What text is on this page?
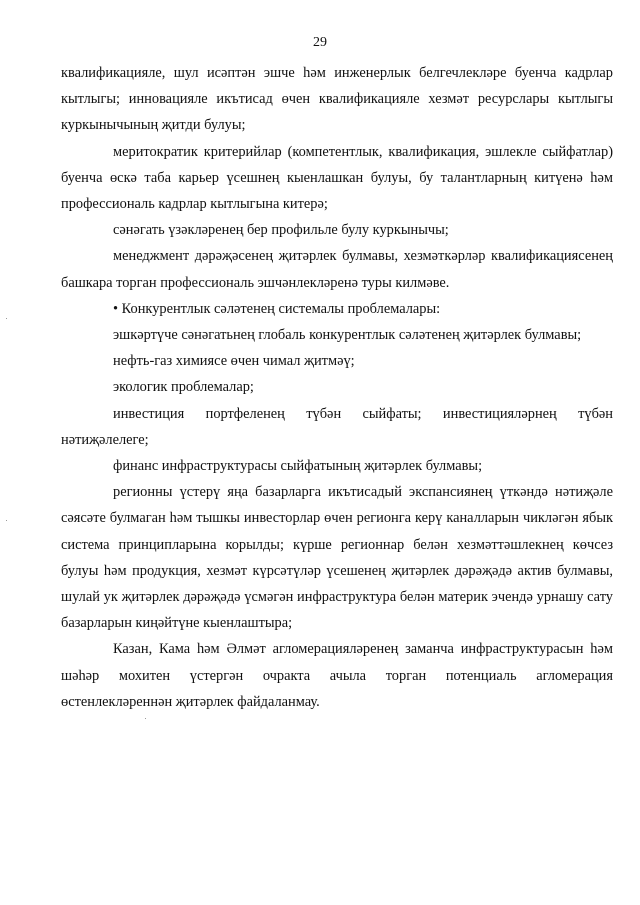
29

квалификацияле, шул исәптән эшче һәм инженерлык белгечлекләре буенча кадрлар кытлыгы; инновацияле икътисад өчен квалификацияле хезмәт ресурслары кытлыгы куркынычының җитди булуы;

меритократик критерийлар (компетентлык, квалификация, эшлекле сыйфатлар) буенча өскә таба карьер үсешнең кыенлашкан булуы, бу талантларның китүенә һәм профессиональ кадрлар кытлыгына китерә;

сәнәгать үзәкләренең бер профильле булу куркынычы;

менеджмент дәрәҗәсенең җитәрлек булмавы, хезмәткәрләр квалификациясенең башкара торган профессиональ эшчәнлекләренә туры килмәве.

• Конкурентлык сәләтенең системалы проблемалары:

эшкәртүче сәнәгатьнең глобаль конкурентлык сәләтенең җитәрлек булмавы;

нефть-газ химиясе өчен чимал җитмәү;

экологик проблемалар;

инвестиция портфеленең түбән сыйфаты; инвестицияләрнең түбән нәтиҗәлелеге;

финанс инфраструктурасы сыйфатының җитәрлек булмавы;

регионны үстерү яңа базарларга икътисадый экспансиянең үткәндә нәтиҗәле сәясәте булмаган һәм тышкы инвесторлар өчен регионга керү каналларын чикләгән ябык система принципларына корылды; күрше регионнар белән хезмәттәшлекнең көчсез булуы һәм продукция, хезмәт күрсәтүләр үсешенең җитәрлек дәрәҗәдә актив булмавы, шулай ук җитәрлек дәрәҗәдә үсмәгән инфраструктура белән материк эчендә урнашу сату базарларын киңәйтүне кыенлаштыра;

Казан, Кама һәм Әлмәт агломерацияләренең заманча инфраструктурасын һәм шәһәр мохитен үстергән очракта ачыла торган потенциаль агломерация өстенлекләреннән җитәрлек файдаланмау.
